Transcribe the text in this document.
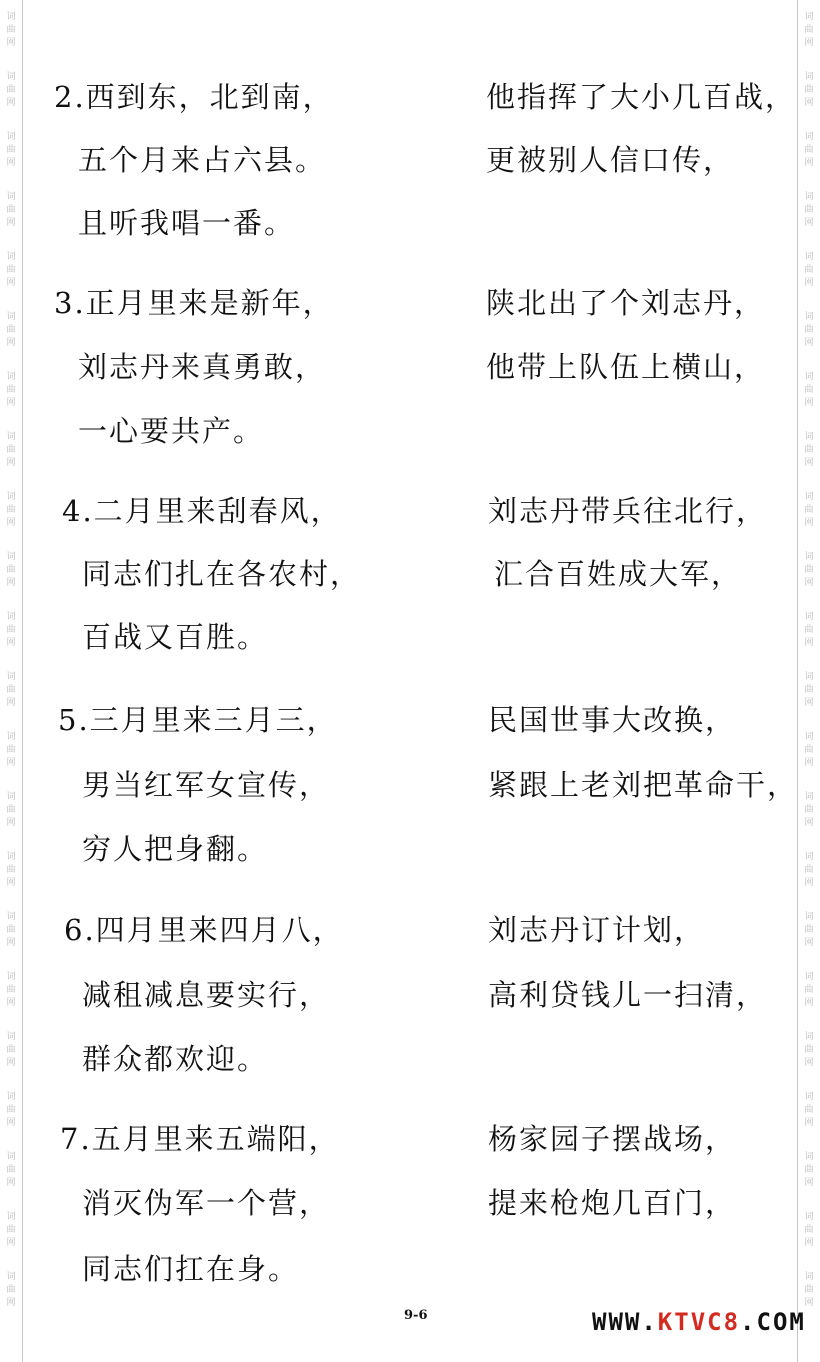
词
曲
网
词
曲
网
词
曲
网
词
曲
网
词
曲
网
词
曲
网
词
曲
网
词
曲
网
词
曲
网
词
曲
网
词
曲
网
词
曲
网
词
曲
网
词
曲
网
词
曲
网
词
曲
网
词
曲
网
词
曲
网
词
曲
网
词
曲
网
词
曲
网
词
曲
网
词
曲
网
词
曲
网
词
曲
网
词
曲
网
词
曲
网
词
曲
网
词
曲
网
词
曲
网
词
曲
网
词
曲
网
词
曲
网
词
曲
网
词
曲
网
词
曲
网
词
曲
网
词
曲
网
词
曲
网
词
曲
网
词
曲
网
词
曲
网
词
曲
网
词
曲
网
2.西到东，北到南，
五个月来占六县。
且听我唱一番。
他指挥了大小几百战，
更被别人信口传，
3.正月里来是新年，
刘志丹来真勇敢，
一心要共产。
陕北出了个刘志丹，
他带上队伍上横山，
4.二月里来刮春风，
同志们扎在各农村，
百战又百胜。
刘志丹带兵往北行，
汇合百姓成大军，
5.三月里来三月三，
男当红军女宣传，
穷人把身翻。
民国世事大改换，
紧跟上老刘把革命干，
6.四月里来四月八，
减租减息要实行，
群众都欢迎。
刘志丹订计划，
高利贷钱儿一扫清，
7.五月里来五端阳，
消灭伪军一个营，
同志们扛在身。
杨家园子摆战场，
提来枪炮几百门，
9-6	WWW.KTVC8.COM
